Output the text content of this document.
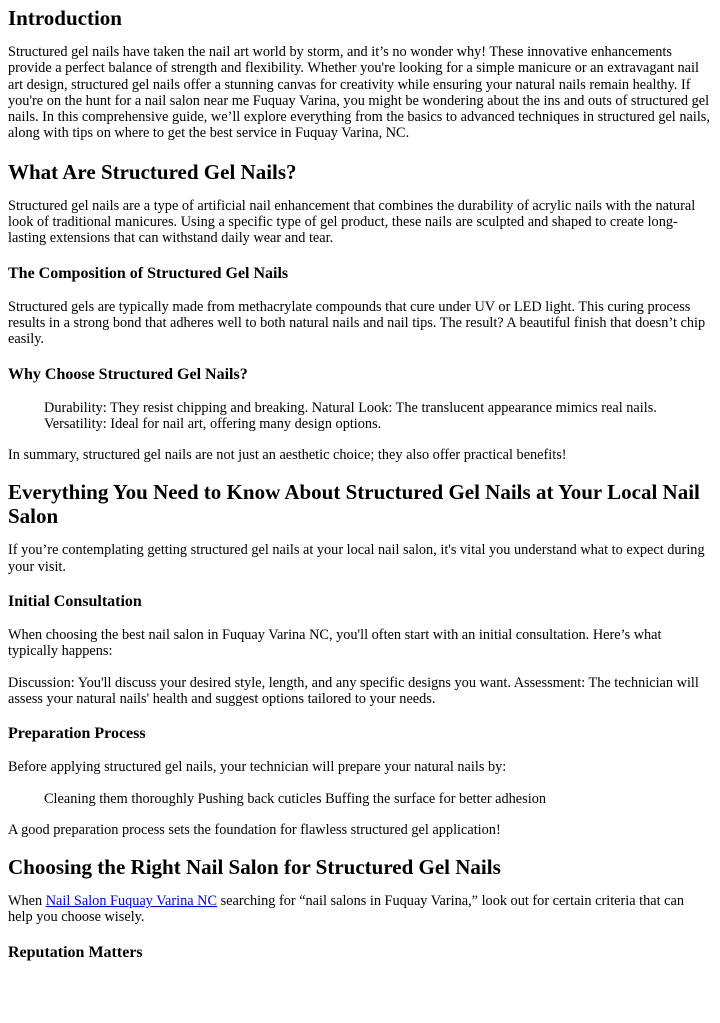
Introduction

Structured gel nails have taken the nail art world by storm, and it’s no wonder why! These innovative enhancements provide a perfect balance of strength and flexibility. Whether you're looking for a simple manicure or an extravagant nail art design, structured gel nails offer a stunning canvas for creativity while ensuring your natural nails remain healthy. If you're on the hunt for a nail salon near me Fuquay Varina, you might be wondering about the ins and outs of structured gel nails. In this comprehensive guide, we’ll explore everything from the basics to advanced techniques in structured gel nails, along with tips on where to get the best service in Fuquay Varina, NC.

What Are Structured Gel Nails?

Structured gel nails are a type of artificial nail enhancement that combines the durability of acrylic nails with the natural look of traditional manicures. Using a specific type of gel product, these nails are sculpted and shaped to create long-lasting extensions that can withstand daily wear and tear.

The Composition of Structured Gel Nails

Structured gels are typically made from methacrylate compounds that cure under UV or LED light. This curing process results in a strong bond that adheres well to both natural nails and nail tips. The result? A beautiful finish that doesn’t chip easily.

Why Choose Structured Gel Nails?
Durability: They resist chipping and breaking. Natural Look: The translucent appearance mimics real nails. Versatility: Ideal for nail art, offering many design options.

In summary, structured gel nails are not just an aesthetic choice; they also offer practical benefits!

Everything You Need to Know About Structured Gel Nails at Your Local Nail Salon

If you’re contemplating getting structured gel nails at your local nail salon, it's vital you understand what to expect during your visit.

Initial Consultation

When choosing the best nail salon in Fuquay Varina NC, you'll often start with an initial consultation. Here’s what typically happens:

Discussion: You'll discuss your desired style, length, and any specific designs you want. Assessment: The technician will assess your natural nails' health and suggest options tailored to your needs.

Preparation Process

Before applying structured gel nails, your technician will prepare your natural nails by:

Cleaning them thoroughly Pushing back cuticles Buffing the surface for better adhesion

A good preparation process sets the foundation for flawless structured gel application!

Choosing the Right Nail Salon for Structured Gel Nails

When Nail Salon Fuquay Varina NC searching for “nail salons in Fuquay Varina,” look out for certain criteria that can help you choose wisely.

Reputation Matters
